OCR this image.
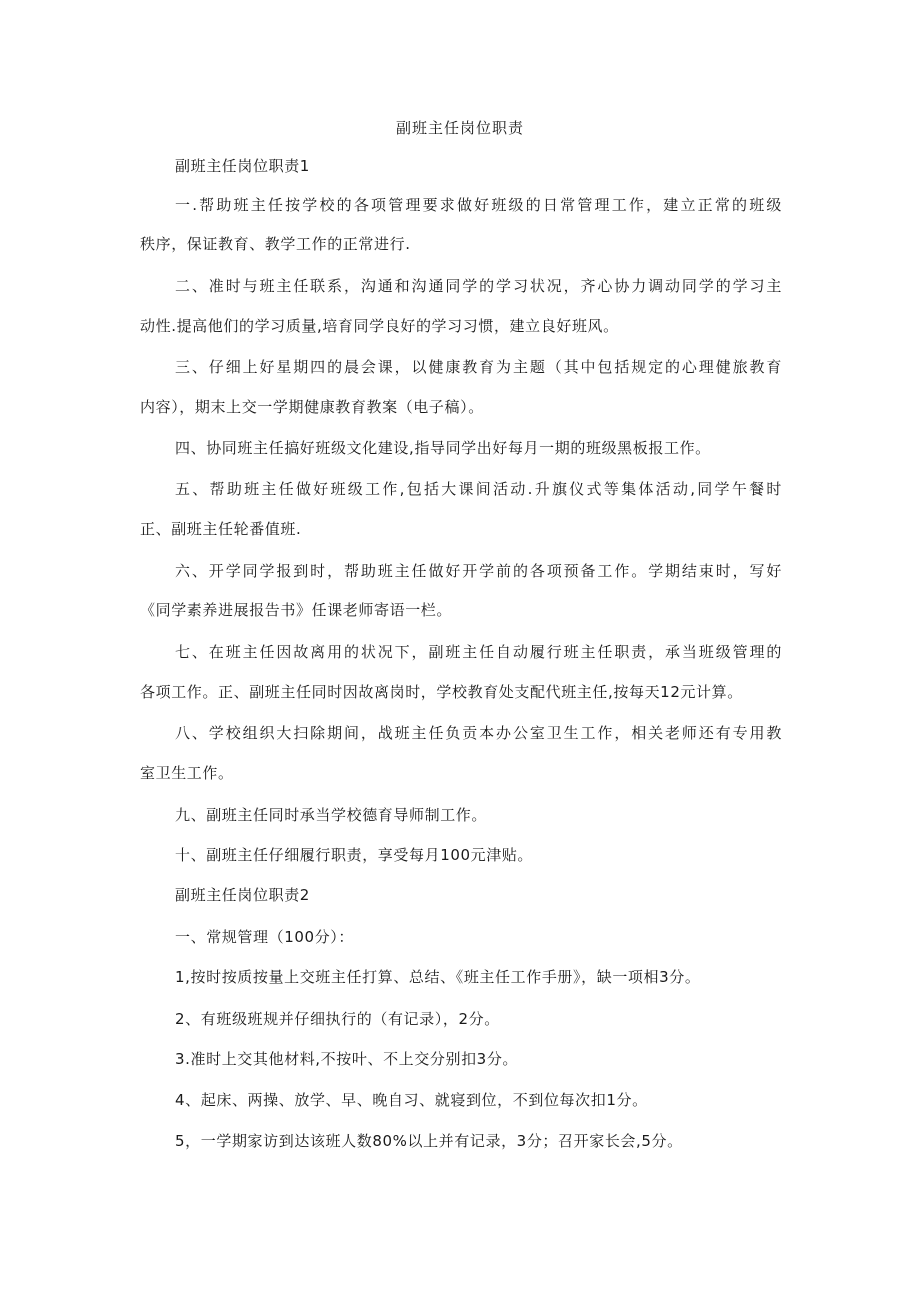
副班主任岗位职责
副班主任岗位职责1
一.帮助班主任按学校的各项管理要求做好班级的日常管理工作，建立正常的班级
秩序，保证教育、教学工作的正常进行.
二、准时与班主任联系，沟通和沟通同学的学习状况，齐心协力调动同学的学习主
动性.提高他们的学习质量,培育同学良好的学习习惯，建立良好班风。
三、仔细上好星期四的晨会课，以健康教育为主题（其中包括规定的心理健旅教育
内容），期末上交一学期健康教育教案（电子稿）。
四、协同班主任搞好班级文化建设,指导同学出好每月一期的班级黑板报工作。
五、帮助班主任做好班级工作,包括大课间活动.升旗仪式等集体活动,同学午餐时
正、副班主任轮番值班.
六、开学同学报到时，帮助班主任做好开学前的各项预备工作。学期结束时，写好
《同学素养进展报告书》任课老师寄语一栏。
七、在班主任因故离用的状况下，副班主任自动履行班主任职责，承当班级管理的
各项工作。正、副班主任同时因故离岗时，学校教育处支配代班主任,按每天12元计算。
八、学校组织大扫除期间，战班主任负贡本办公室卫生工作，相关老师还有专用教
室卫生工作。
九、副班主任同时承当学校德育导师制工作。
十、副班主任仔细履行职责，享受每月100元津贴。
副班主任岗位职责2
一、常规管理（100分）：
1,按时按质按量上交班主任打算、总结、《班主任工作手册》，缺一项相3分。
2、有班级班规并仔细执行的（有记录），2分。
3.准时上交其他材料,不按叶、不上交分别扣3分。
4、起床、两操、放学、早、晚自习、就寝到位，不到位每次扣1分。
5，一学期家访到达该班人数80%以上并有记录，3分；召开家长会,5分。
